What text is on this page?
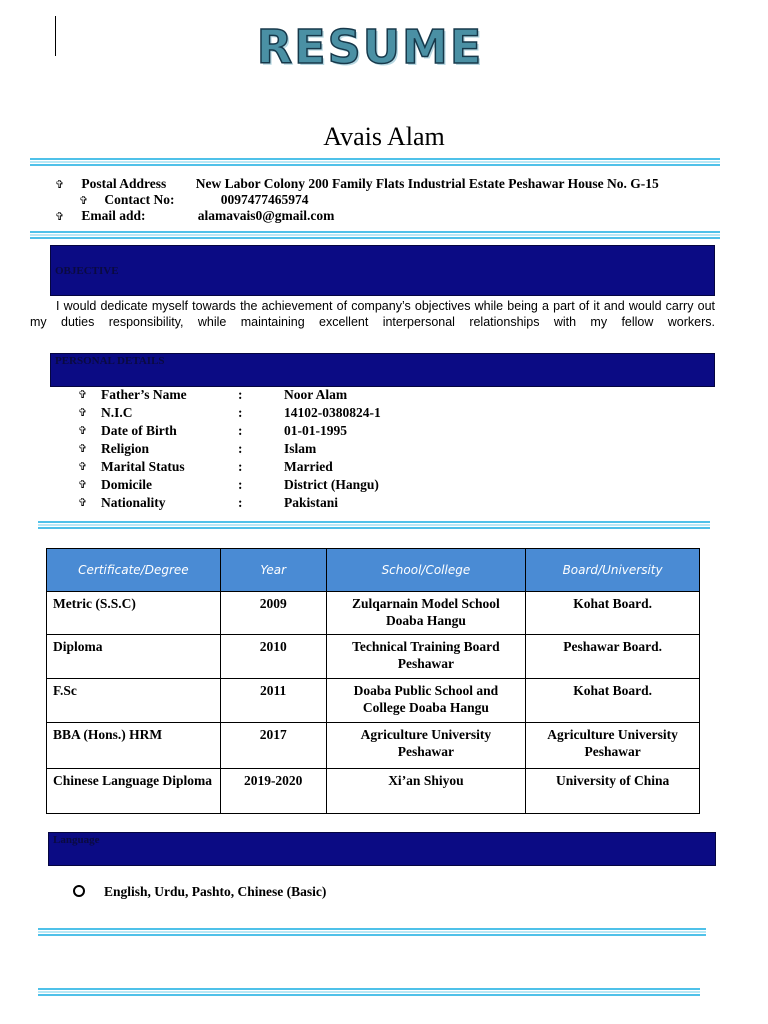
RESUME
Avais Alam
✞ Postal Address New Labor Colony 200 Family Flats Industrial Estate Peshawar House No. G-15
✞ Contact No:	0097477465974
✞ Email add:	alamavais0@gmail.com
OBJECTIVE
I would dedicate myself towards the achievement of company’s objectives while being a part of it and would carry out my duties responsibility, while maintaining excellent interpersonal relationships with my fellow workers.
PERSONAL DETAILS
✞ Father’s Name	:	Noor Alam
✞ N.I.C	:	14102-0380824-1
✞ Date of Birth	:	01-01-1995
✞ Religion	:	Islam
✞ Marital Status	:	Married
✞ Domicile	:	District (Hangu)
✞ Nationality	:	Pakistani
Certificate/Degree	Year	School/College	Board/University
Metric (S.S.C)	2009	Zulqarnain Model School Doaba Hangu	Kohat Board.
Diploma	2010	Technical Training Board Peshawar	Peshawar Board.
F.Sc	2011	Doaba Public School and College Doaba Hangu	Kohat Board.
BBA (Hons.) HRM	2017	Agriculture University Peshawar	Agriculture University Peshawar
Chinese Language Diploma	2019-2020	Xi’an Shiyou	University of China
Language
English, Urdu, Pashto, Chinese (Basic)
